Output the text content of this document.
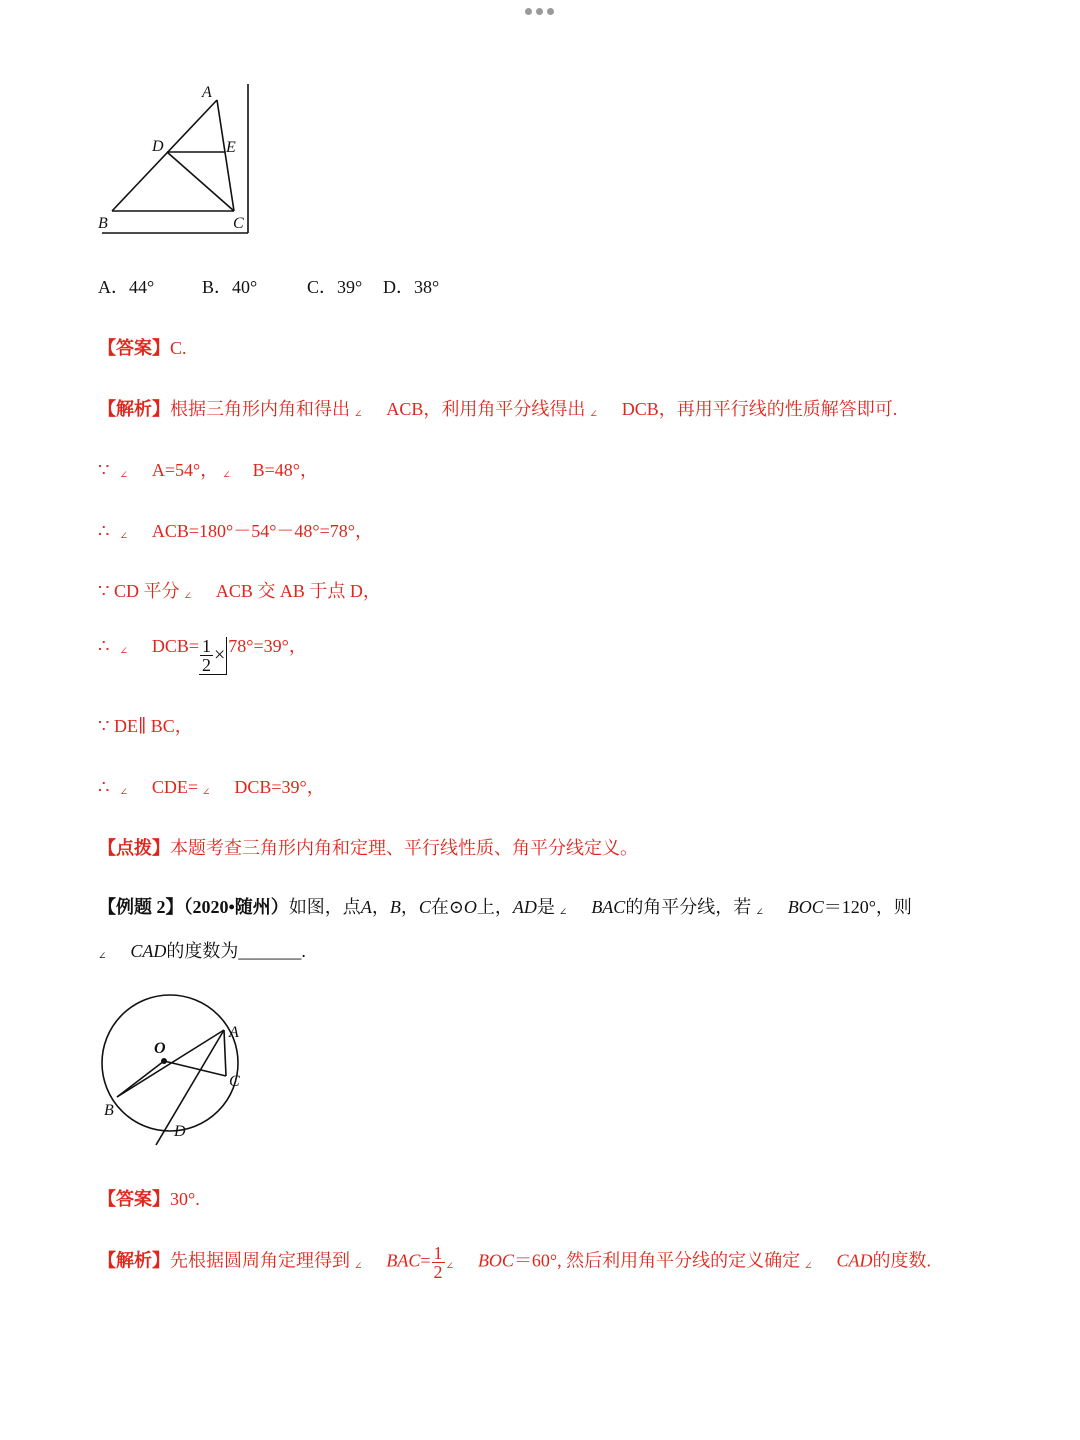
A
D	E
B	C
A．44°	B．40°	C．39° D．38°
【答案】C.
【解析】根据三角形内角和得出 ∠ ACB，利用角平分线得出 ∠ DCB，再用平行线的性质解答即可.
∵ ∠ A=54°， ∠ B=48°，
∴ ∠ ACB=180°－54°－48°=78°，
∵ CD 平分 ∠ ACB 交 AB 于点 D，
∴ ∠ $DCB= \frac{1}{2} \times 78^\circ=39^\circ$，
∵ DE∥ BC，
∴ ∠ CDE= ∠ DCB=39°，
【点拨】本题考查三角形内角和定理、平行线性质、角平分线定义。
【例题 2】（2020•随州）如图，点A，B，C在⊙O上，AD是 ∠ BAC的角平分线，若 ∠ BOC＝120°，则
∠ CAD的度数为_______.
O
A
C
B
D
【答案】30°.
【解析】先根据圆周角定理得到 ∠ $BAC= \frac{1}{2}$ ∠ BOC＝60°, 然后利用角平分线的定义确定 ∠ CAD的度数.
